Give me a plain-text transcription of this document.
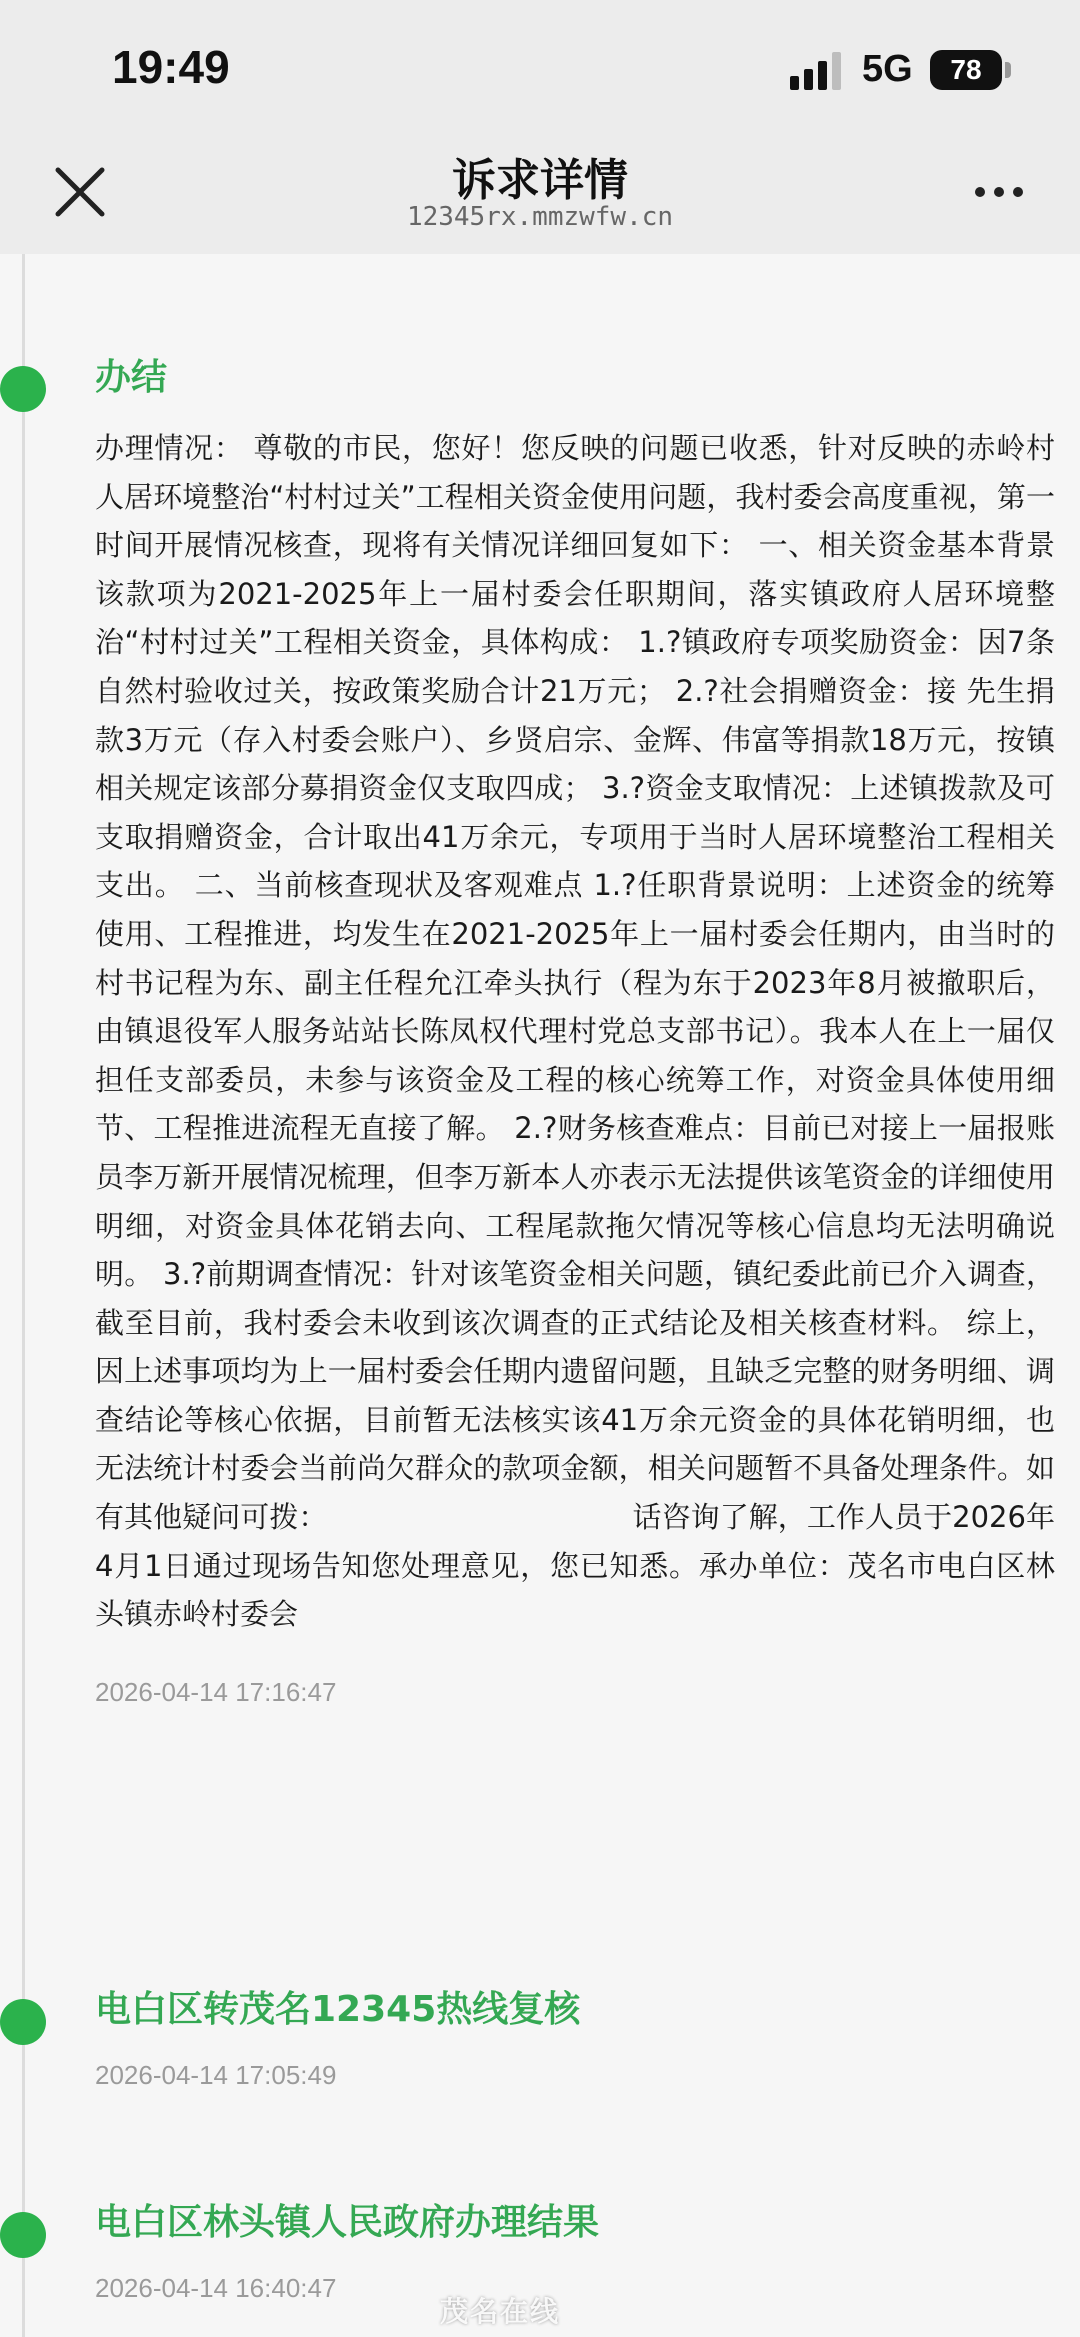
19:49	5G	78
诉求详情
12345rx.mmzwfw.cn
办结
办理情况： 尊敬的市民，您好！您反映的问题已收悉，针对反映的赤岭村人居环境整治“村村过关”工程相关资金使用问题，我村委会高度重视，第一时间开展情况核查，现将有关情况详细回复如下： 一、相关资金基本背景 该款项为2021-2025年上一届村委会任职期间，落实镇政府人居环境整治“村村过关”工程相关资金，具体构成： 1.?镇政府专项奖励资金：因7条自然村验收过关，按政策奖励合计21万元； 2.?社会捐赠资金：接 先生捐款3万元（存入村委会账户）、乡贤启宗、金辉、伟富等捐款18万元，按镇相关规定该部分募捐资金仅支取四成； 3.?资金支取情况：上述镇拨款及可支取捐赠资金，合计取出41万余元，专项用于当时人居环境整治工程相关支出。 二、当前核查现状及客观难点 1.?任职背景说明：上述资金的统筹使用、工程推进，均发生在2021-2025年上一届村委会任期内，由当时的村书记程为东、副主任程允江牵头执行（程为东于2023年8月被撤职后，由镇退役军人服务站站长陈凤权代理村党总支部书记）。我本人在上一届仅担任支部委员，未参与该资金及工程的核心统筹工作，对资金具体使用细节、工程推进流程无直接了解。 2.?财务核查难点：目前已对接上一届报账员李万新开展情况梳理，但李万新本人亦表示无法提供该笔资金的详细使用明细，对资金具体花销去向、工程尾款拖欠情况等核心信息均无法明确说明。 3.?前期调查情况：针对该笔资金相关问题，镇纪委此前已介入调查，截至目前，我村委会未收到该次调查的正式结论及相关核查材料。 综上，因上述事项均为上一届村委会任期内遗留问题，且缺乏完整的财务明细、调查结论等核心依据，目前暂无法核实该41万余元资金的具体花销明细，也无法统计村委会当前尚欠群众的款项金额，相关问题暂不具备处理条件。如有其他疑问可拨：　　　　　　　　　　　话咨询了解，工作人员于2026年4月1日通过现场告知您处理意见，您已知悉。承办单位：茂名市电白区林头镇赤岭村委会
2026-04-14 17:16:47
电白区转茂名12345热线复核
2026-04-14 17:05:49
电白区林头镇人民政府办理结果
2026-04-14 16:40:47
茂名在线
